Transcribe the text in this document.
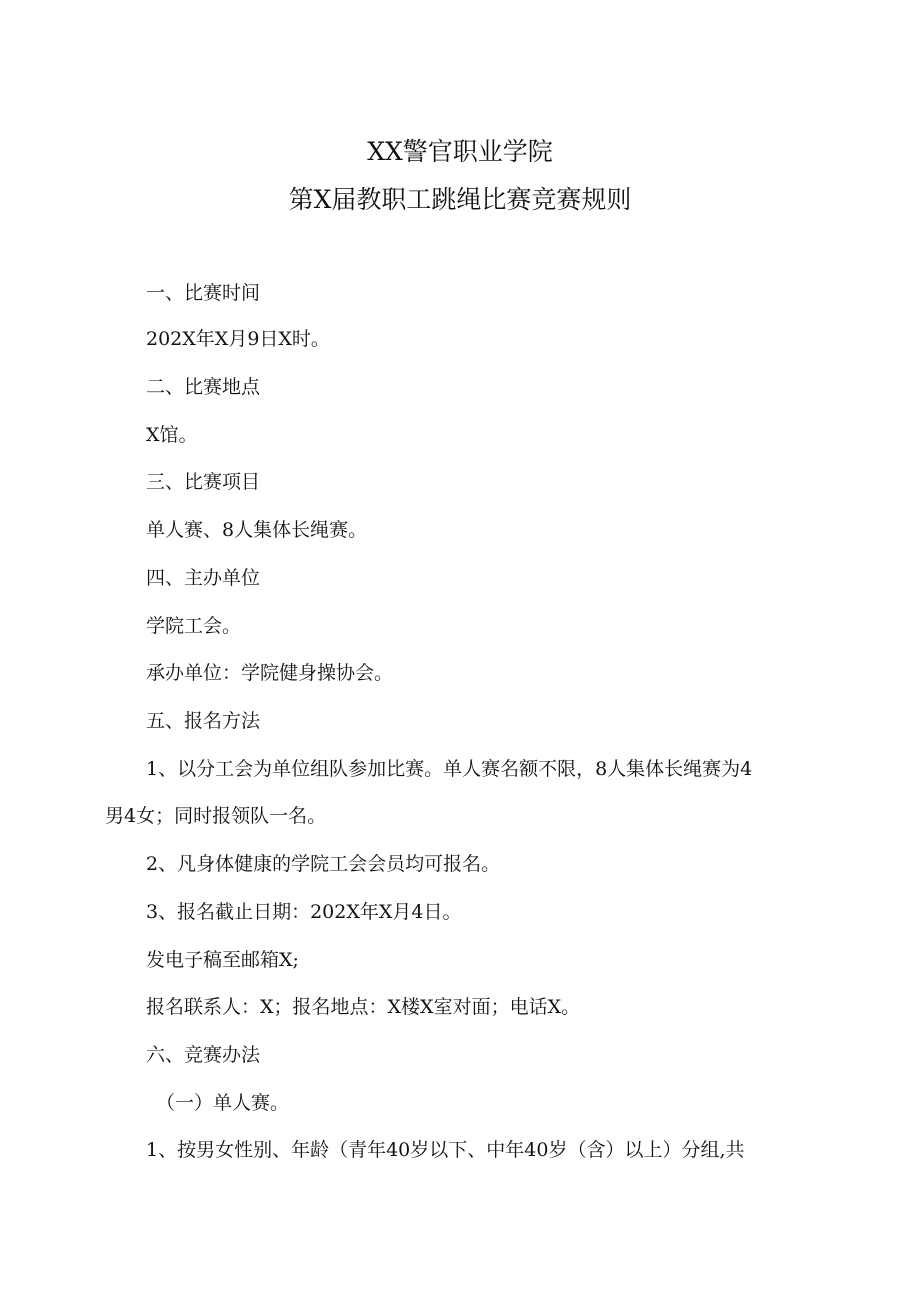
XX警官职业学院
第X届教职工跳绳比赛竞赛规则
一、比赛时间
202X年X月9日X时。
二、比赛地点
X馆。
三、比赛项目
单人赛、8人集体长绳赛。
四、主办单位
学院工会。
承办单位：学院健身操协会。
五、报名方法
1、以分工会为单位组队参加比赛。单人赛名额不限，8人集体长绳赛为4
男4女；同时报领队一名。
2、凡身体健康的学院工会会员均可报名。
3、报名截止日期：202X年X月4日。
发电子稿至邮箱X;
报名联系人：X；报名地点：X楼X室对面；电话X。
六、竞赛办法
（一）单人赛。
1、按男女性别、年龄（青年40岁以下、中年40岁（含）以上）分组,共
